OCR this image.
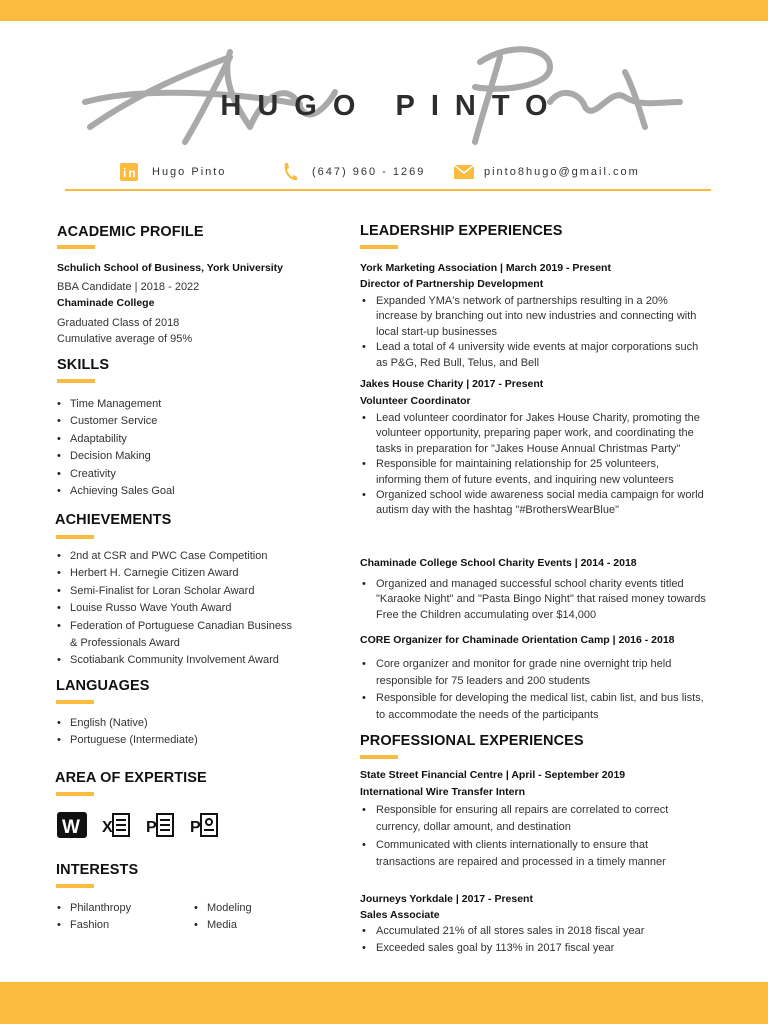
HUGO PINTO
in Hugo Pinto	(647) 960 - 1269	pinto8hugo@gmail.com
ACADEMIC PROFILE
Schulich School of Business, York University
BBA Candidate | 2018 - 2022
Chaminade College
Graduated Class of 2018
Cumulative average of 95%
SKILLS
• Time Management
• Customer Service
• Adaptability
• Decision Making
• Creativity
• Achieving Sales Goal
ACHIEVEMENTS
• 2nd at CSR and PWC Case Competition
• Herbert H. Carnegie Citizen Award
• Semi-Finalist for Loran Scholar Award
• Louise Russo Wave Youth Award
• Federation of Portuguese Canadian Business
& Professionals Award
• Scotiabank Community Involvement Award
LANGUAGES
• English (Native)
• Portuguese (Intermediate)
AREA OF EXPERTISE
W X P P
INTERESTS
• Philanthropy
• Fashion
• Modeling
• Media
LEADERSHIP EXPERIENCES
York Marketing Association | March 2019 - Present
Director of Partnership Development
• Expanded YMA's network of partnerships resulting in a 20% increase by branching out into new industries and connecting with local start-up businesses
• Lead a total of 4 university wide events at major corporations such as P&G, Red Bull, Telus, and Bell
Jakes House Charity | 2017 - Present
Volunteer Coordinator
• Lead volunteer coordinator for Jakes House Charity, promoting the volunteer opportunity, preparing paper work, and coordinating the tasks in preparation for "Jakes House Annual Christmas Party"
• Responsible for maintaining relationship for 25 volunteers, informing them of future events, and inquiring new volunteers
• Organized school wide awareness social media campaign for world autism day with the hashtag "#BrothersWearBlue"
Chaminade College School Charity Events | 2014 - 2018
• Organized and managed successful school charity events titled "Karaoke Night" and "Pasta Bingo Night" that raised money towards Free the Children accumulating over $14,000
CORE Organizer for Chaminade Orientation Camp | 2016 - 2018
• Core organizer and monitor for grade nine overnight trip held responsible for 75 leaders and 200 students
• Responsible for developing the medical list, cabin list, and bus lists, to accommodate the needs of the participants
PROFESSIONAL EXPERIENCES
State Street Financial Centre | April - September 2019
International Wire Transfer Intern
• Responsible for ensuring all repairs are correlated to correct currency, dollar amount, and destination
• Communicated with clients internationally to ensure that transactions are repaired and processed in a timely manner
Journeys Yorkdale | 2017 - Present
Sales Associate
• Accumulated 21% of all stores sales in 2018 fiscal year
• Exceeded sales goal by 113% in 2017 fiscal year
